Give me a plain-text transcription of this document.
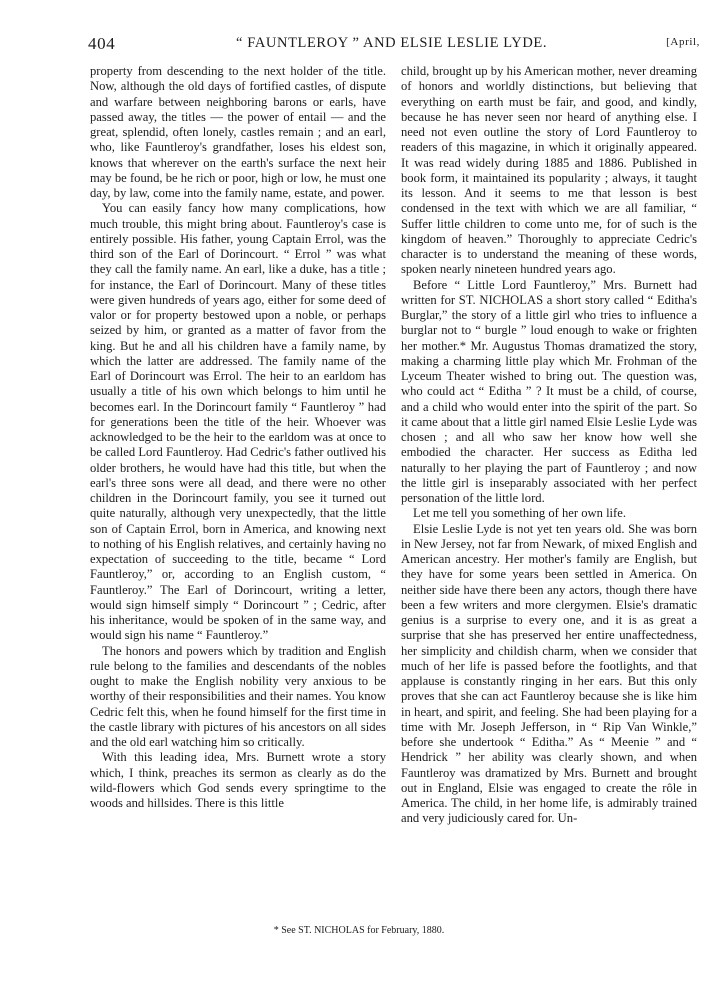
404	“ FAUNTLEROY ” AND ELSIE LESLIE LYDE.	[April,

property from descending to the next holder of the title. Now, although the old days of fortified castles, of dispute and warfare between neighboring barons or earls, have passed away, the titles — the power of entail — and the great, splendid, often lonely, castles remain ; and an earl, who, like Fauntleroy's grandfather, loses his eldest son, knows that wherever on the earth's surface the next heir may be found, be he rich or poor, high or low, he must one day, by law, come into the family name, estate, and power.

You can easily fancy how many complications, how much trouble, this might bring about. Fauntleroy's case is entirely possible. His father, young Captain Errol, was the third son of the Earl of Dorincourt. “ Errol ” was what they call the family name. An earl, like a duke, has a title ; for instance, the Earl of Dorincourt. Many of these titles were given hundreds of years ago, either for some deed of valor or for property bestowed upon a noble, or perhaps seized by him, or granted as a matter of favor from the king. But he and all his children have a family name, by which the latter are addressed. The family name of the Earl of Dorincourt was Errol. The heir to an earldom has usually a title of his own which belongs to him until he becomes earl. In the Dorincourt family “ Fauntleroy ” had for generations been the title of the heir. Whoever was acknowledged to be the heir to the earldom was at once to be called Lord Fauntleroy. Had Cedric's father outlived his older brothers, he would have had this title, but when the earl's three sons were all dead, and there were no other children in the Dorincourt family, you see it turned out quite naturally, although very unexpectedly, that the little son of Captain Errol, born in America, and knowing next to nothing of his English relatives, and certainly having no expectation of succeeding to the title, became “ Lord Fauntleroy,” or, according to an English custom, “ Fauntleroy.” The Earl of Dorincourt, writing a letter, would sign himself simply “ Dorincourt ” ; Cedric, after his inheritance, would be spoken of in the same way, and would sign his name “ Fauntleroy.”

The honors and powers which by tradition and English rule belong to the families and descendants of the nobles ought to make the English nobility very anxious to be worthy of their responsibilities and their names. You know Cedric felt this, when he found himself for the first time in the castle library with pictures of his ancestors on all sides and the old earl watching him so critically.

With this leading idea, Mrs. Burnett wrote a story which, I think, preaches its sermon as clearly as do the wild-flowers which God sends every springtime to the woods and hillsides. There is this little

child, brought up by his American mother, never dreaming of honors and worldly distinctions, but believing that everything on earth must be fair, and good, and kindly, because he has never seen nor heard of anything else. I need not even outline the story of Lord Fauntleroy to readers of this magazine, in which it originally appeared. It was read widely during 1885 and 1886. Published in book form, it maintained its popularity ; always, it taught its lesson. And it seems to me that lesson is best condensed in the text with which we are all familiar, “ Suffer little children to come unto me, for of such is the kingdom of heaven.” Thoroughly to appreciate Cedric's character is to understand the meaning of these words, spoken nearly nineteen hundred years ago.

Before “ Little Lord Fauntleroy,” Mrs. Burnett had written for ST. NICHOLAS a short story called “ Editha's Burglar,” the story of a little girl who tries to influence a burglar not to “ burgle ” loud enough to wake or frighten her mother.* Mr. Augustus Thomas dramatized the story, making a charming little play which Mr. Frohman of the Lyceum Theater wished to bring out. The question was, who could act “ Editha ” ? It must be a child, of course, and a child who would enter into the spirit of the part. So it came about that a little girl named Elsie Leslie Lyde was chosen ; and all who saw her know how well she embodied the character. Her success as Editha led naturally to her playing the part of Fauntleroy ; and now the little girl is inseparably associated with her perfect personation of the little lord.

Let me tell you something of her own life.

Elsie Leslie Lyde is not yet ten years old. She was born in New Jersey, not far from Newark, of mixed English and American ancestry. Her mother's family are English, but they have for some years been settled in America. On neither side have there been any actors, though there have been a few writers and more clergymen. Elsie's dramatic genius is a surprise to every one, and it is as great a surprise that she has preserved her entire unaffectedness, her simplicity and childish charm, when we consider that much of her life is passed before the footlights, and that applause is constantly ringing in her ears. But this only proves that she can act Fauntleroy because she is like him in heart, and spirit, and feeling. She had been playing for a time with Mr. Joseph Jefferson, in “ Rip Van Winkle,” before she undertook “ Editha.” As “ Meenie ” and “ Hendrick ” her ability was clearly shown, and when Fauntleroy was dramatized by Mrs. Burnett and brought out in England, Elsie was engaged to create the rôle in America. The child, in her home life, is admirably trained and very judiciously cared for. Un-

* See ST. NICHOLAS for February, 1880.
